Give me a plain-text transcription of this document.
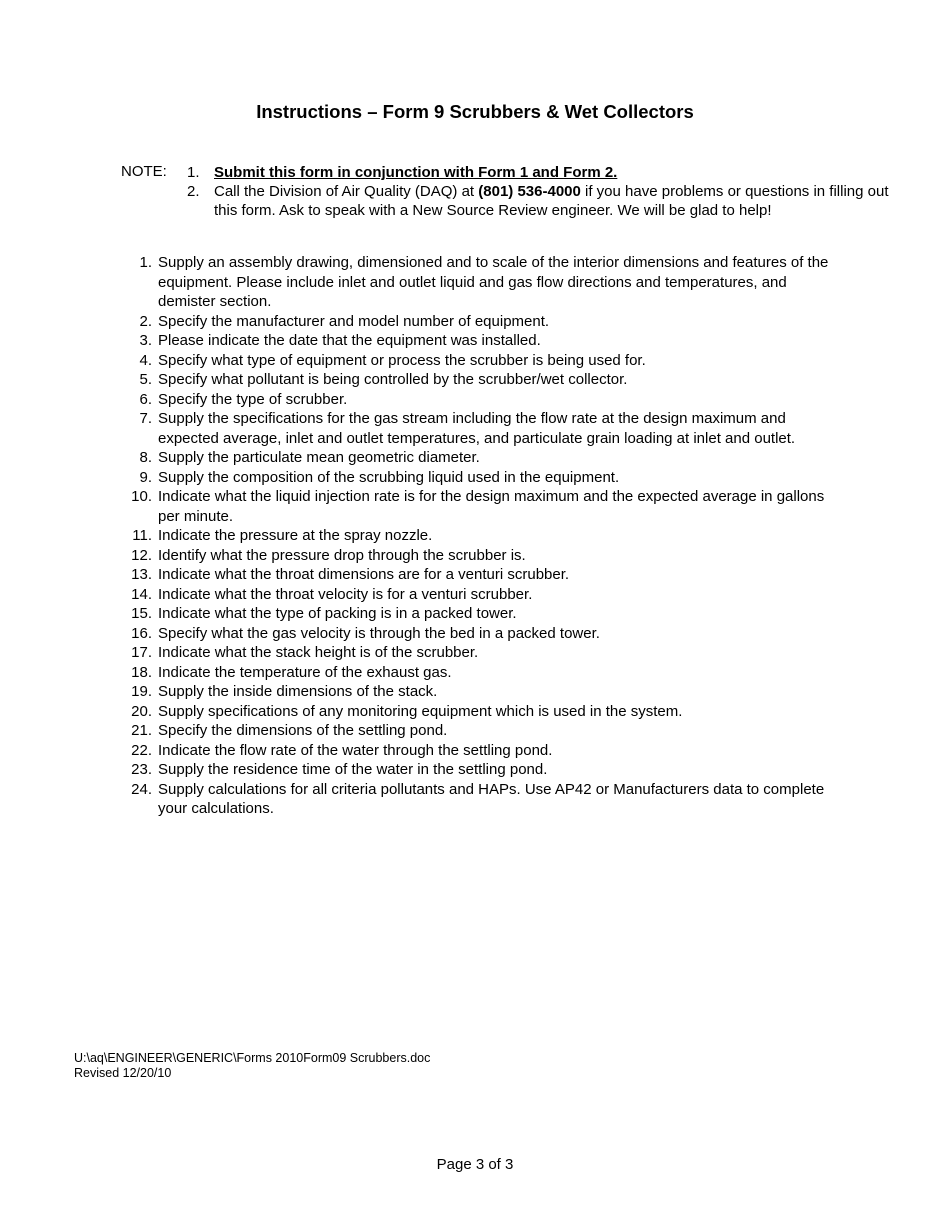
Instructions – Form 9 Scrubbers & Wet Collectors
NOTE: 1. Submit this form in conjunction with Form 1 and Form 2.
2. Call the Division of Air Quality (DAQ) at (801) 536-4000 if you have problems or questions in filling out this form. Ask to speak with a New Source Review engineer. We will be glad to help!
1. Supply an assembly drawing, dimensioned and to scale of the interior dimensions and features of the equipment. Please include inlet and outlet liquid and gas flow directions and temperatures, and demister section.
2. Specify the manufacturer and model number of equipment.
3. Please indicate the date that the equipment was installed.
4. Specify what type of equipment or process the scrubber is being used for.
5. Specify what pollutant is being controlled by the scrubber/wet collector.
6. Specify the type of scrubber.
7. Supply the specifications for the gas stream including the flow rate at the design maximum and expected average, inlet and outlet temperatures, and particulate grain loading at inlet and outlet.
8. Supply the particulate mean geometric diameter.
9. Supply the composition of the scrubbing liquid used in the equipment.
10. Indicate what the liquid injection rate is for the design maximum and the expected average in gallons per minute.
11. Indicate the pressure at the spray nozzle.
12. Identify what the pressure drop through the scrubber is.
13. Indicate what the throat dimensions are for a venturi scrubber.
14. Indicate what the throat velocity is for a venturi scrubber.
15. Indicate what the type of packing is in a packed tower.
16. Specify what the gas velocity is through the bed in a packed tower.
17. Indicate what the stack height is of the scrubber.
18. Indicate the temperature of the exhaust gas.
19. Supply the inside dimensions of the stack.
20. Supply specifications of any monitoring equipment which is used in the system.
21. Specify the dimensions of the settling pond.
22. Indicate the flow rate of the water through the settling pond.
23. Supply the residence time of the water in the settling pond.
24. Supply calculations for all criteria pollutants and HAPs. Use AP42 or Manufacturers data to complete your calculations.
U:\aq\ENGINEER\GENERIC\Forms 2010Form09 Scrubbers.doc
Revised 12/20/10
Page 3 of 3
